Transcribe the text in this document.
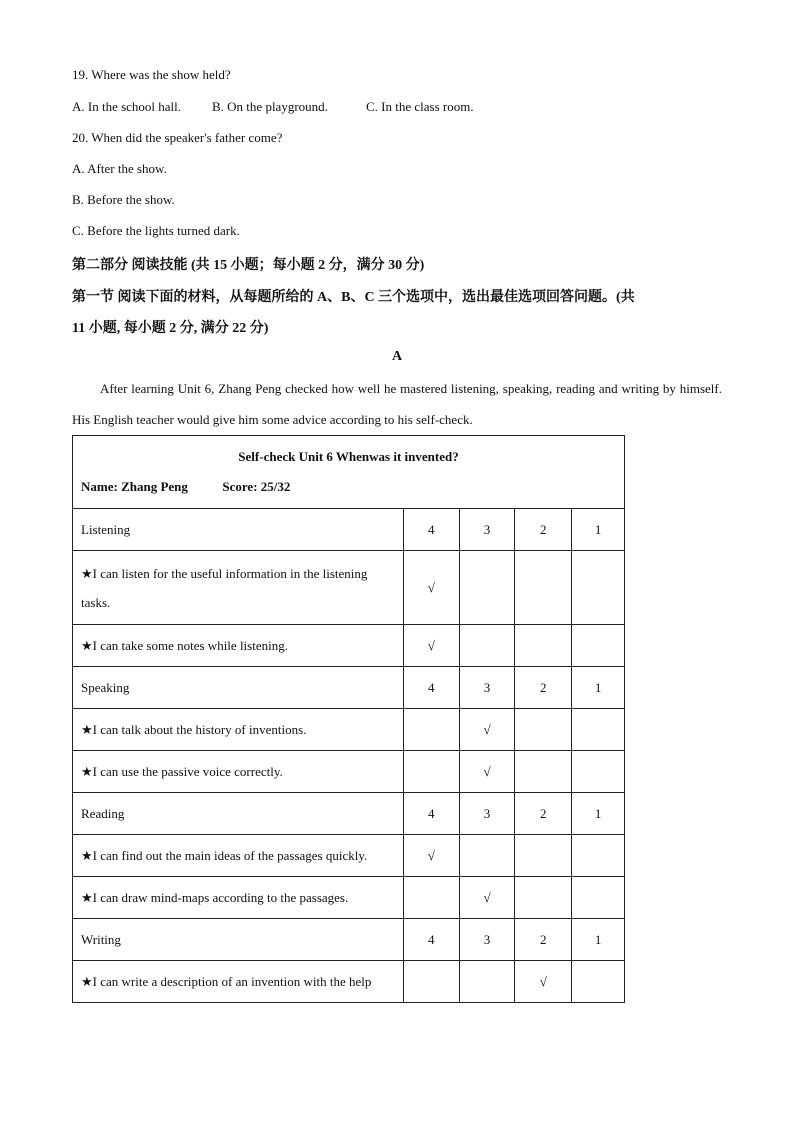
19. Where was the show held?
A. In the school hall. B. On the playground.	C. In the class room.
20. When did the speaker's father come?
A. After the show.
B. Before the show.
C. Before the lights turned dark.
第二部分 阅读技能 (共 15 小题；每小题 2 分，满分 30 分)
第一节 阅读下面的材料，从每题所给的 A、B、C 三个选项中，选出最佳选项回答问题。(共
11 小题, 每小题 2 分, 满分 22 分)
A
After learning Unit 6, Zhang Peng checked how well he mastered listening, speaking, reading and writing by himself. His English teacher would give him some advice according to his self-check.
Self-check Unit 6 Whenwas it invented?
Name: Zhang Peng Score: 25/32				

Listening	4	3	2	1
★I can listen for the useful information in the listening tasks.	√			
★I can take some notes while listening.	√			
Speaking	4	3	2	1
★I can talk about the history of inventions.		√		
★I can use the passive voice correctly.		√		
Reading	4	3	2	1
★I can find out the main ideas of the passages quickly.	√			
★I can draw mind-maps according to the passages.		√		
Writing	4	3	2	1
★I can write a description of an invention with the help			√	
